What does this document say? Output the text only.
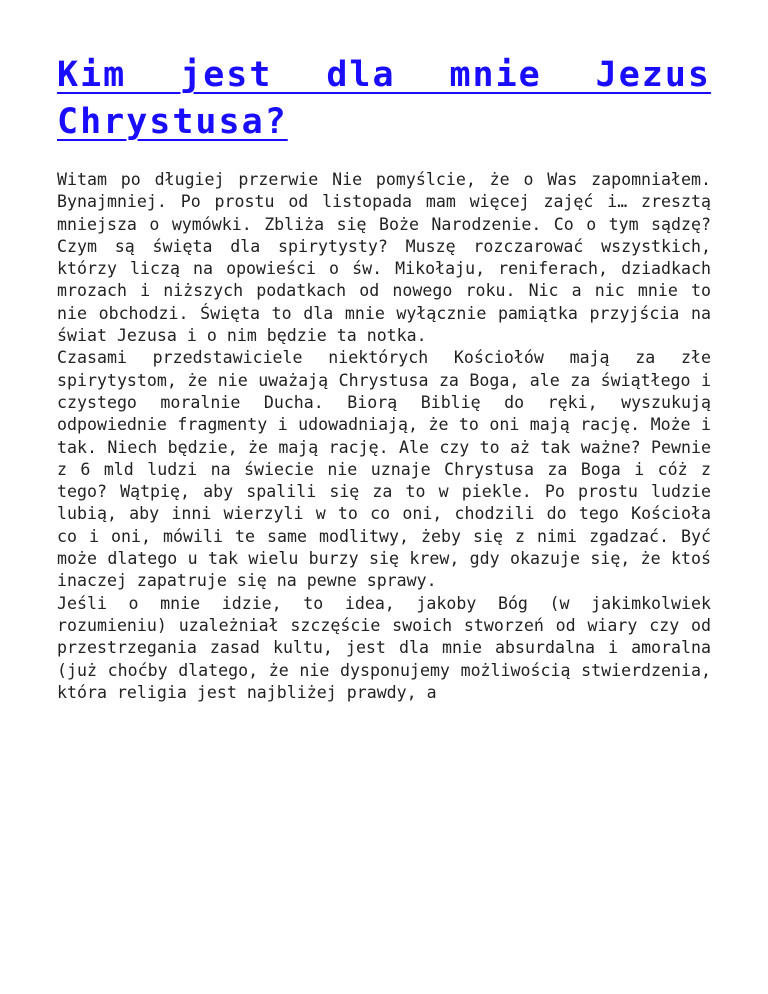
Kim jest dla mnie Jezus Chrystusa?

Witam po długiej przerwie Nie pomyślcie, że o Was zapomniałem. Bynajmniej. Po prostu od listopada mam więcej zajęć i… zresztą mniejsza o wymówki. Zbliża się Boże Narodzenie. Co o tym sądzę? Czym są święta dla spirytysty? Muszę rozczarować wszystkich, którzy liczą na opowieści o św. Mikołaju, reniferach, dziadkach mrozach i niższych podatkach od nowego roku. Nic a nic mnie to nie obchodzi. Święta to dla mnie wyłącznie pamiątka przyjścia na świat Jezusa i o nim będzie ta notka.

Czasami przedstawiciele niektórych Kościołów mają za złe spirytystom, że nie uważają Chrystusa za Boga, ale za świątłego i czystego moralnie Ducha. Biorą Biblię do ręki, wyszukują odpowiednie fragmenty i udowadniają, że to oni mają rację. Może i tak. Niech będzie, że mają rację. Ale czy to aż tak ważne? Pewnie z 6 mld ludzi na świecie nie uznaje Chrystusa za Boga i cóż z tego? Wątpię, aby spalili się za to w piekle. Po prostu ludzie lubią, aby inni wierzyli w to co oni, chodzili do tego Kościoła co i oni, mówili te same modlitwy, żeby się z nimi zgadzać. Być może dlatego u tak wielu burzy się krew, gdy okazuje się, że ktoś inaczej zapatruje się na pewne sprawy.

Jeśli o mnie idzie, to idea, jakoby Bóg (w jakimkolwiek rozumieniu) uzależniał szczęście swoich stworzeń od wiary czy od przestrzegania zasad kultu, jest dla mnie absurdalna i amoralna (już choćby dlatego, że nie dysponujemy możliwością stwierdzenia, która religia jest najbliżej prawdy, a
